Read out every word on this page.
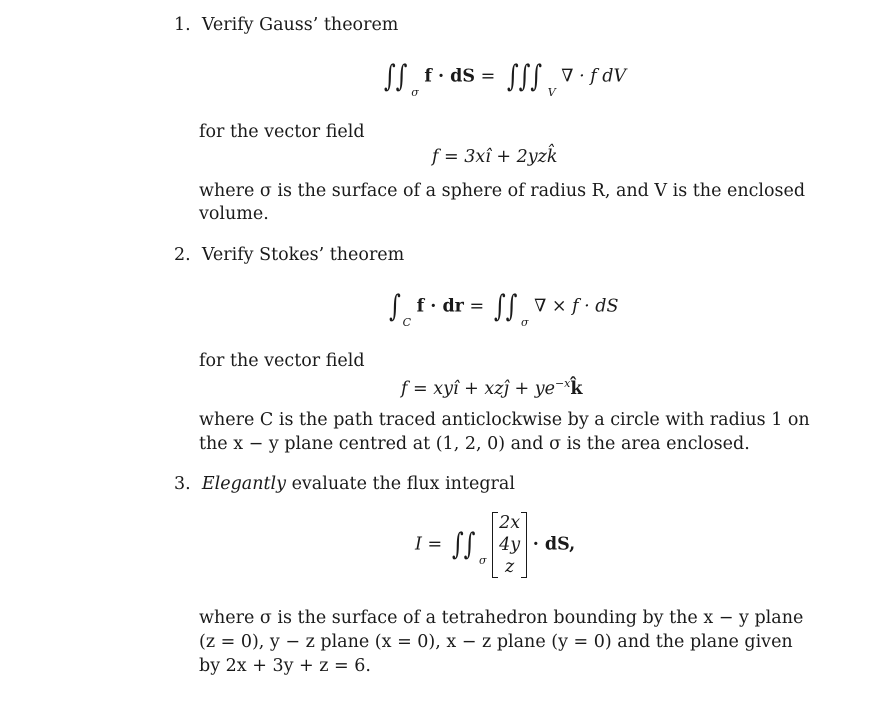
1. Verify Gauss’ theorem
∫∫ $_\sigma$ f · dS = ∫∫∫ $_V$ ∇ · f dV
for the vector field
f = 3xî + 2yzk̂
where σ is the surface of a sphere of radius R, and V is the enclosed
volume.
2. Verify Stokes’ theorem
∫ $_C$ f · dr = ∫∫ $_\sigma$ ∇ × f · dS
for the vector field
f = xyî + xzĵ + $ye^{-x}k̂$
where C is the path traced anticlockwise by a circle with radius 1 on
the x − y plane centred at (1, 2, 0) and σ is the area enclosed.
3. Elegantly evaluate the flux integral
I = ∫∫ $_\sigma$
2x
4y
z
· dS,
where σ is the surface of a tetrahedron bounding by the x − y plane
(z = 0), y − z plane (x = 0), x − z plane (y = 0) and the plane given
by 2x + 3y + z = 6.
